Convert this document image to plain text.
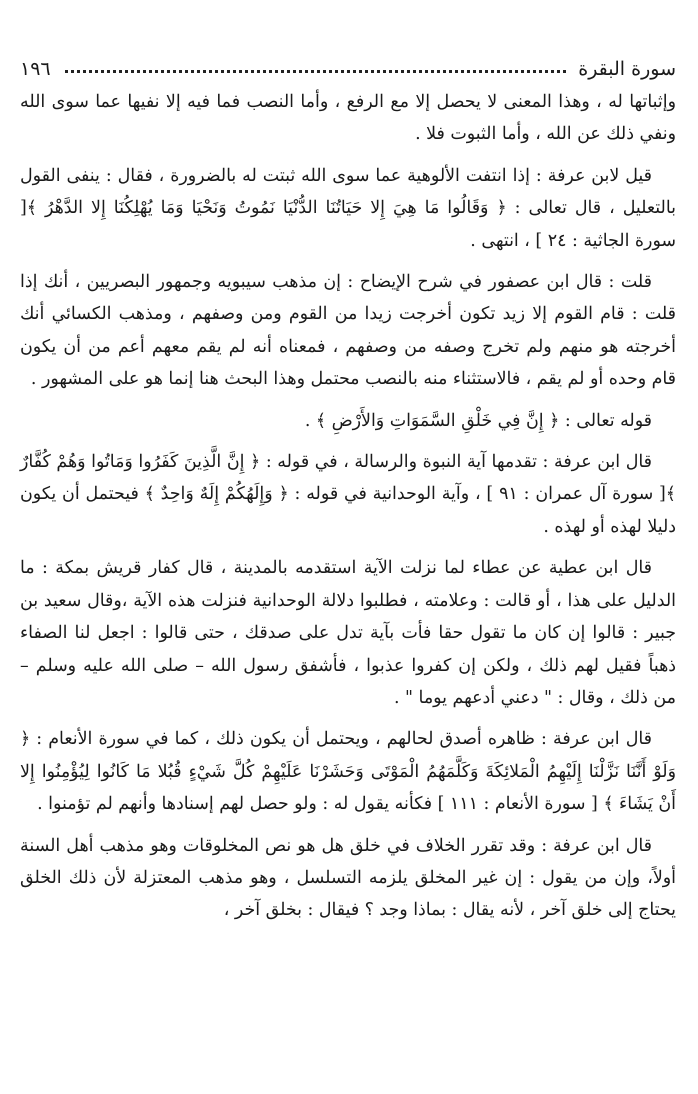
١٩٦	سورة البقرة

وإثباتها له ، وهذا المعنى لا يحصل إلا مع الرفع ، وأما النصب فما فيه إلا نفيها عما سوى الله ونفي ذلك عن الله ، وأما الثبوت فلا .

قيل لابن عرفة : إذا انتفت الألوهية عما سوى الله ثبتت له بالضرورة ، فقال : ينفى القول بالتعليل ، قال تعالى : ﴿ وَقَالُوا مَا هِيَ إِلا حَيَاتُنَا الدُّنْيَا نَمُوتُ وَنَحْيَا وَمَا يُهْلِكُنَا إِلا الدَّهْرُ ﴾[ سورة الجاثية : ٢٤ ] ، انتهى .

قلت : قال ابن عصفور في شرح الإيضاح : إن مذهب سيبويه وجمهور البصريين ، أنك إذا قلت : قام القوم إلا زيد تكون أخرجت زيدا من القوم ومن وصفهم ، ومذهب الكسائي أنك أخرجته هو منهم ولم تخرج وصفه من وصفهم ، فمعناه أنه لم يقم معهم أعم من أن يكون قام وحده أو لم يقم ، فالاستثناء منه بالنصب محتمل وهذا البحث هنا إنما هو على المشهور .

قوله تعالى : ﴿ إِنَّ فِي خَلْقِ السَّمَوَاتِ وَالأَرْضِ ﴾ .

قال ابن عرفة : تقدمها آية النبوة والرسالة ، في قوله : ﴿ إِنَّ الَّذِينَ كَفَرُوا وَمَاتُوا وَهُمْ كُفَّارٌ ﴾[ سورة آل عمران : ٩١ ] ، وآية الوحدانية في قوله : ﴿ وَإِلَهُكُمْ إِلَهٌ وَاحِدٌ ﴾ فيحتمل أن يكون دليلا لهذه أو لهذه .

قال ابن عطية عن عطاء لما نزلت الآية استقدمه بالمدينة ، قال كفار قريش بمكة : ما الدليل على هذا ، أو قالت : وعلامته ، فطلبوا دلالة الوحدانية فنزلت هذه الآية ،وقال سعيد بن جبير : قالوا إن كان ما تقول حقا فأت بآية تدل على صدقك ، حتى قالوا : اجعل لنا الصفاء ذهباً فقيل لهم ذلك ، ولكن إن كفروا عذبوا ، فأشفق رسول الله – صلى الله عليه وسلم – من ذلك ، وقال : " دعني أدعهم يوما " .

قال ابن عرفة : ظاهره أصدق لحالهم ، ويحتمل أن يكون ذلك ، كما في سورة الأنعام : ﴿ وَلَوْ أَنَّنَا نَزَّلْنَا إِلَيْهِمُ الْمَلائِكَةَ وَكَلَّمَهُمُ الْمَوْتَى وَحَشَرْنَا عَلَيْهِمْ كُلَّ شَيْءٍ قُبُلا مَا كَانُوا لِيُؤْمِنُوا إِلا أَنْ يَشَاءَ ﴾ [ سورة الأنعام : ١١١ ] فكأنه يقول له : ولو حصل لهم إسنادها وأنهم لم تؤمنوا .

قال ابن عرفة : وقد تقرر الخلاف في خلق هل هو نص المخلوقات وهو مذهب أهل السنة أولاً، وإن من يقول : إن غير المخلق يلزمه التسلسل ، وهو مذهب المعتزلة لأن ذلك الخلق يحتاج إلى خلق آخر ، لأنه يقال : بماذا وجد ؟ فيقال : بخلق آخر ،
